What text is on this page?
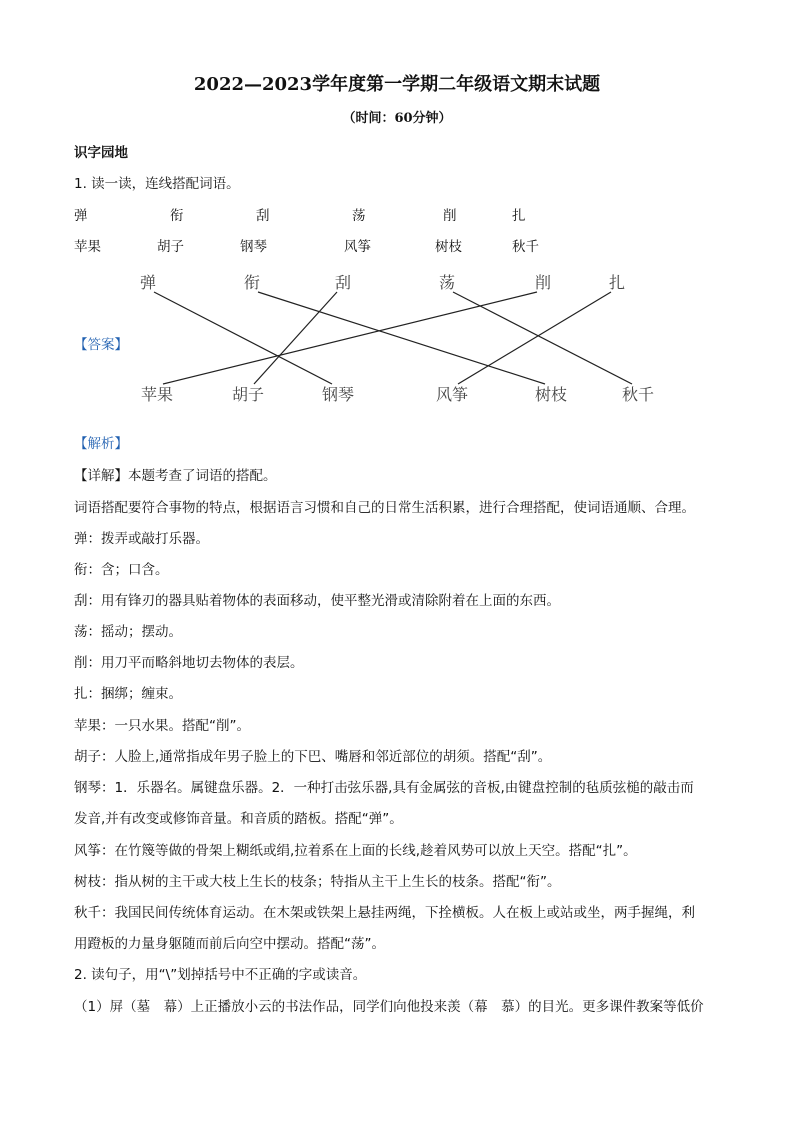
2022—2023学年度第一学期二年级语文期末试题
（时间：60分钟）
识字园地
1. 读一读，连线搭配词语。
弹	衔	刮	荡	削	扎
苹果	胡子	钢琴	风筝	树枝	秋千
弹	衔	刮	荡	削	扎
苹果	胡子	钢琴	风筝	树枝	秋千
【答案】
【解析】
【详解】本题考查了词语的搭配。
词语搭配要符合事物的特点，根据语言习惯和自己的日常生活积累，进行合理搭配，使词语通顺、合理。
弹：拨弄或敲打乐器。
衔：含；口含。
刮：用有锋刃的器具贴着物体的表面移动，使平整光滑或清除附着在上面的东西。
荡：摇动；摆动。
削：用刀平而略斜地切去物体的表层。
扎：捆绑；缠束。
苹果：一只水果。搭配“削”。
胡子：人脸上,通常指成年男子脸上的下巴、嘴唇和邻近部位的胡须。搭配“刮”。
钢琴：1．乐器名。属键盘乐器。2．一种打击弦乐器,具有金属弦的音板,由键盘控制的毡质弦槌的敲击而
发音,并有改变或修饰音量。和音质的踏板。搭配“弹”。
风筝：在竹篾等做的骨架上糊纸或绢,拉着系在上面的长线,趁着风势可以放上天空。搭配“扎”。
树枝：指从树的主干或大枝上生长的枝条；特指从主干上生长的枝条。搭配“衔”。
秋千：我国民间传统体育运动。在木架或铁架上悬挂两绳，下拴横板。人在板上或站或坐，两手握绳，利
用蹬板的力量身躯随而前后向空中摆动。搭配“荡”。
2. 读句子，用“\”划掉括号中不正确的字或读音。
（1）屏（墓　幕）上正播放小云的书法作品，同学们向他投来羡（幕　慕）的目光。更多课件教案等低价
